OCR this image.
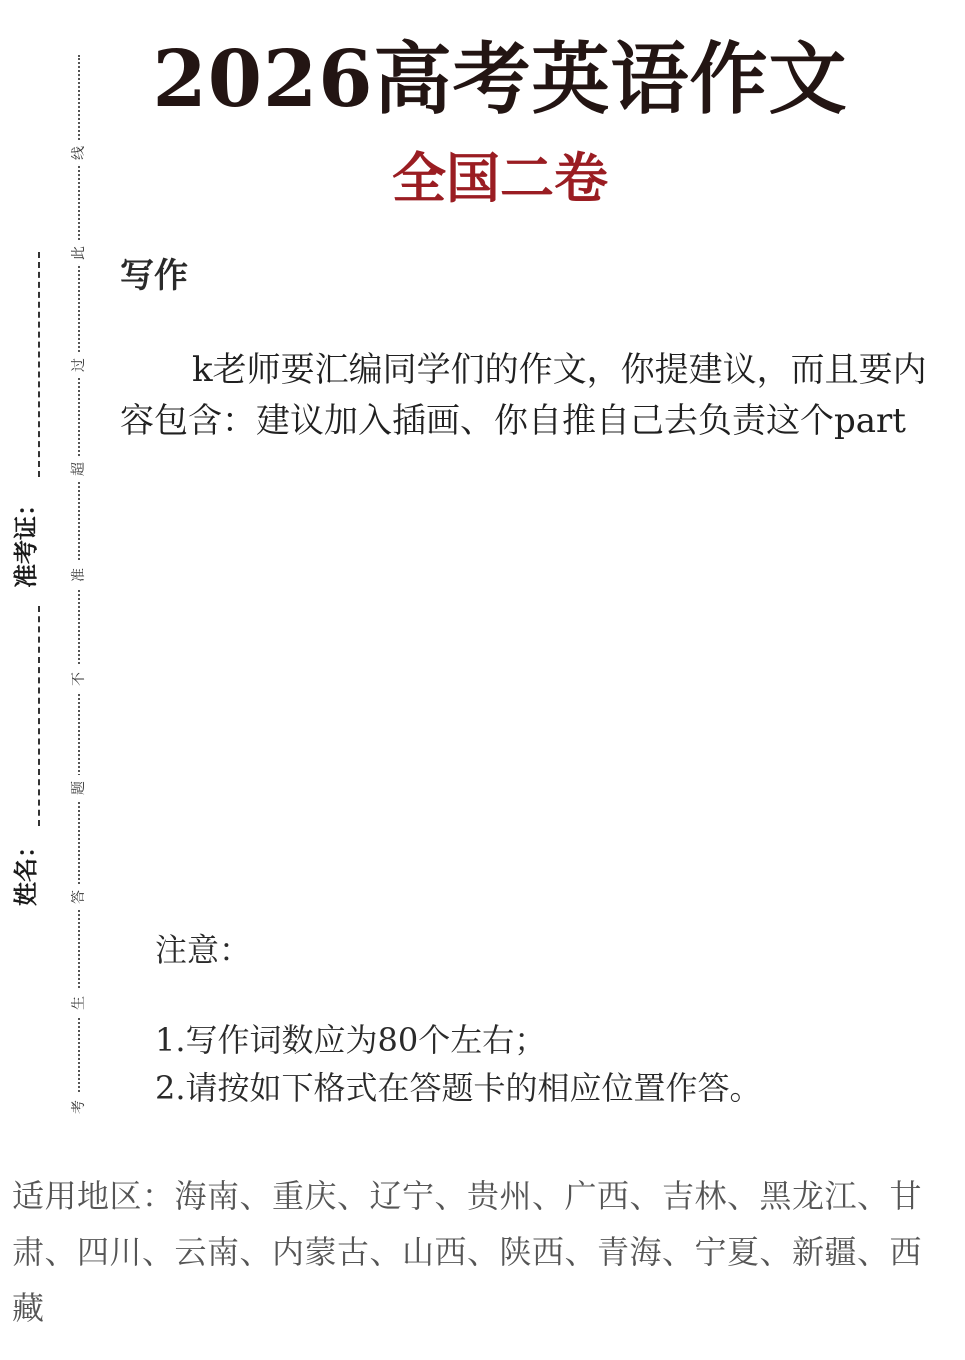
2026高考英语作文
全国二卷
线
此
过
超
准
不
题
答
生
考
准考证：
姓名：
写作
k老师要汇编同学们的作文，你提建议，而且要内容包含：建议加入插画、你自推自己去负责这个part
注意：
1.写作词数应为80个左右；
2.请按如下格式在答题卡的相应位置作答。
适用地区：海南、重庆、辽宁、贵州、广西、吉林、黑龙江、甘肃、四川、云南、内蒙古、山西、陕西、青海、宁夏、新疆、西藏
